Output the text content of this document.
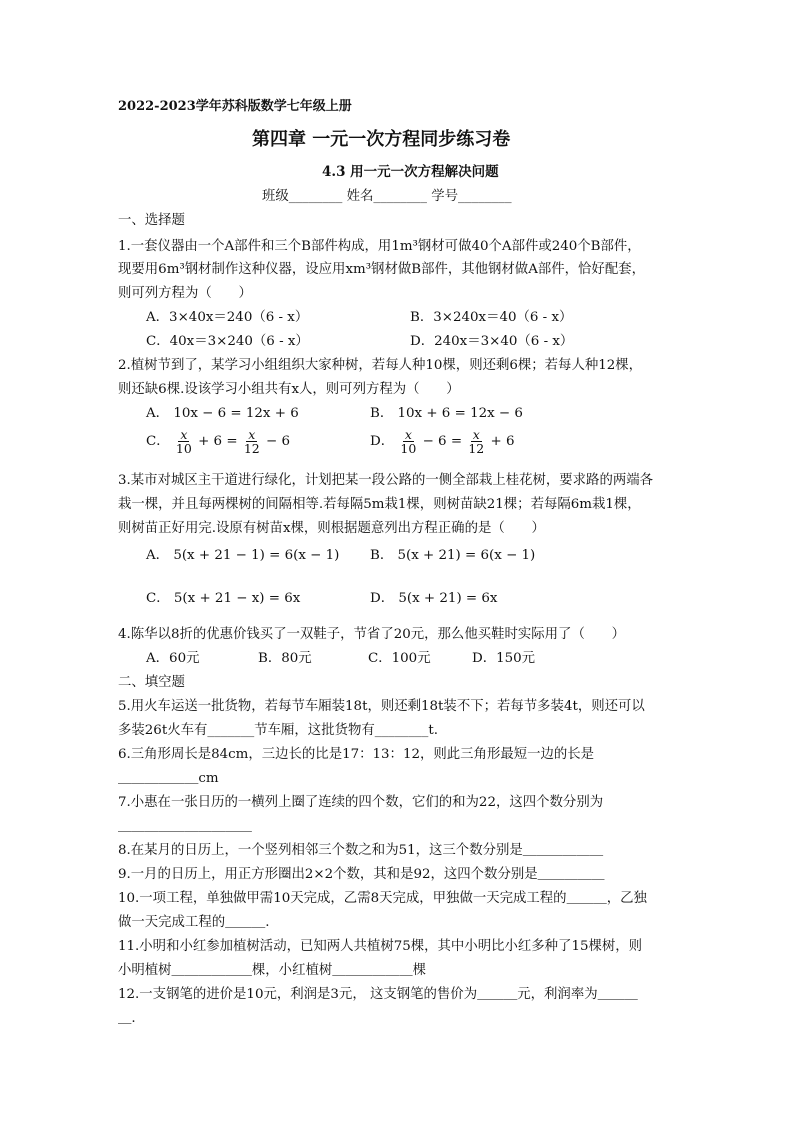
2022-2023学年苏科版数学七年级上册
第四章 一元一次方程同步练习卷
4.3 用一元一次方程解决问题
班级________ 姓名________ 学号________
一、选择题
1.一套仪器由一个A部件和三个B部件构成，用1m³钢材可做40个A部件或240个B部件，
现要用6m³钢材制作这种仪器，设应用xm³钢材做B部件，其他钢材做A部件，恰好配套，
则可列方程为（　　）
A．3×40x＝240（6 - x）	B．3×240x＝40（6 - x）
C．40x＝3×240（6 - x）	D．240x＝3×40（6 - x）
2.植树节到了，某学习小组组织大家种树，若每人种10棵，则还剩6棵；若每人种12棵，
则还缺6棵.设该学习小组共有x人，则可列方程为（　　）
A． 10x − 6 = 12x + 6	B． 10x + 6 = 12x − 6
C． $\frac{x}{10} + 6 = \frac{x}{12} - 6$	D． $\frac{x}{10} - 6 = \frac{x}{12} + 6$
3.某市对城区主干道进行绿化，计划把某一段公路的一侧全部栽上桂花树，要求路的两端各
栽一棵，并且每两棵树的间隔相等.若每隔5m栽1棵，则树苗缺21棵；若每隔6m栽1棵，
则树苗正好用完.设原有树苗x棵，则根据题意列出方程正确的是（　　）
A． 5(x + 21 − 1) = 6(x − 1) B． 5(x + 21) = 6(x − 1)
C． 5(x + 21 − x) = 6x	D． 5(x + 21) = 6x
4.陈华以8折的优惠价钱买了一双鞋子，节省了20元，那么他买鞋时实际用了（　　）
A．60元	B．80元	C．100元	D．150元
二、填空题
5.用火车运送一批货物，若每节车厢装18t，则还剩18t装不下；若每节多装4t，则还可以
多装26t火车有_______节车厢，这批货物有________t.
6.三角形周长是84cm，三边长的比是17：13：12，则此三角形最短一边的长是
＿＿＿＿＿＿cm
7.小惠在一张日历的一横列上圈了连续的四个数，它们的和为22，这四个数分别为
＿＿＿＿＿＿＿＿＿＿
8.在某月的日历上，一个竖列相邻三个数之和为51，这三个数分别是＿＿＿＿＿＿
9.一月的日历上，用正方形圈出2×2个数，其和是92，这四个数分别是＿＿＿＿＿
10.一项工程，单独做甲需10天完成，乙需8天完成，甲独做一天完成工程的＿＿＿，乙独
做一天完成工程的＿＿＿.
11.小明和小红参加植树活动，已知两人共植树75棵，其中小明比小红多种了15棵树，则
小明植树＿＿＿＿＿＿棵，小红植树＿＿＿＿＿＿棵
12.一支钢笔的进价是10元，利润是3元， 这支钢笔的售价为＿＿＿元，利润率为＿＿＿
＿.
